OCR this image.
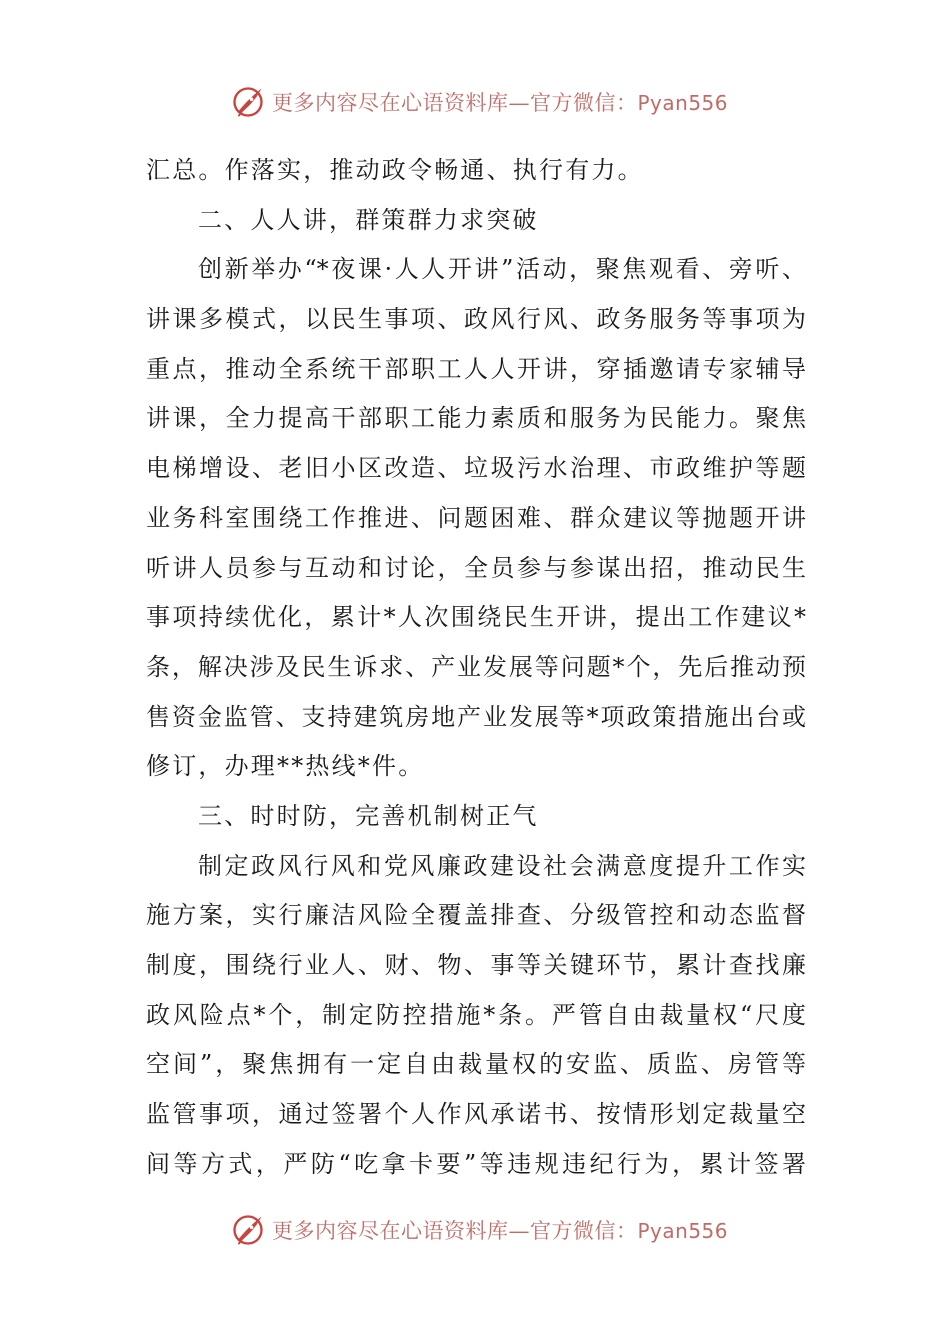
更多内容尽在心语资料库—官方微信：Pyan556
汇总。作落实，推动政令畅通、执行有力。
二、人人讲，群策群力求突破
创新举办“*夜课·人人开讲”活动，聚焦观看、旁听、
讲课多模式，以民生事项、政风行风、政务服务等事项为
重点，推动全系统干部职工人人开讲，穿插邀请专家辅导
讲课，全力提高干部职工能力素质和服务为民能力。聚焦
电梯增设、老旧小区改造、垃圾污水治理、市政维护等题
业务科室围绕工作推进、问题困难、群众建议等抛题开讲
听讲人员参与互动和讨论，全员参与参谋出招，推动民生
事项持续优化，累计*人次围绕民生开讲，提出工作建议*
条，解决涉及民生诉求、产业发展等问题*个，先后推动预
售资金监管、支持建筑房地产业发展等*项政策措施出台或
修订，办理**热线*件。
三、时时防，完善机制树正气
制定政风行风和党风廉政建设社会满意度提升工作实
施方案，实行廉洁风险全覆盖排查、分级管控和动态监督
制度，围绕行业人、财、物、事等关键环节，累计查找廉
政风险点*个，制定防控措施*条。严管自由裁量权“尺度
空间”，聚焦拥有一定自由裁量权的安监、质监、房管等
监管事项，通过签署个人作风承诺书、按情形划定裁量空
间等方式，严防“吃拿卡要”等违规违纪行为，累计签署
更多内容尽在心语资料库—官方微信：Pyan556
